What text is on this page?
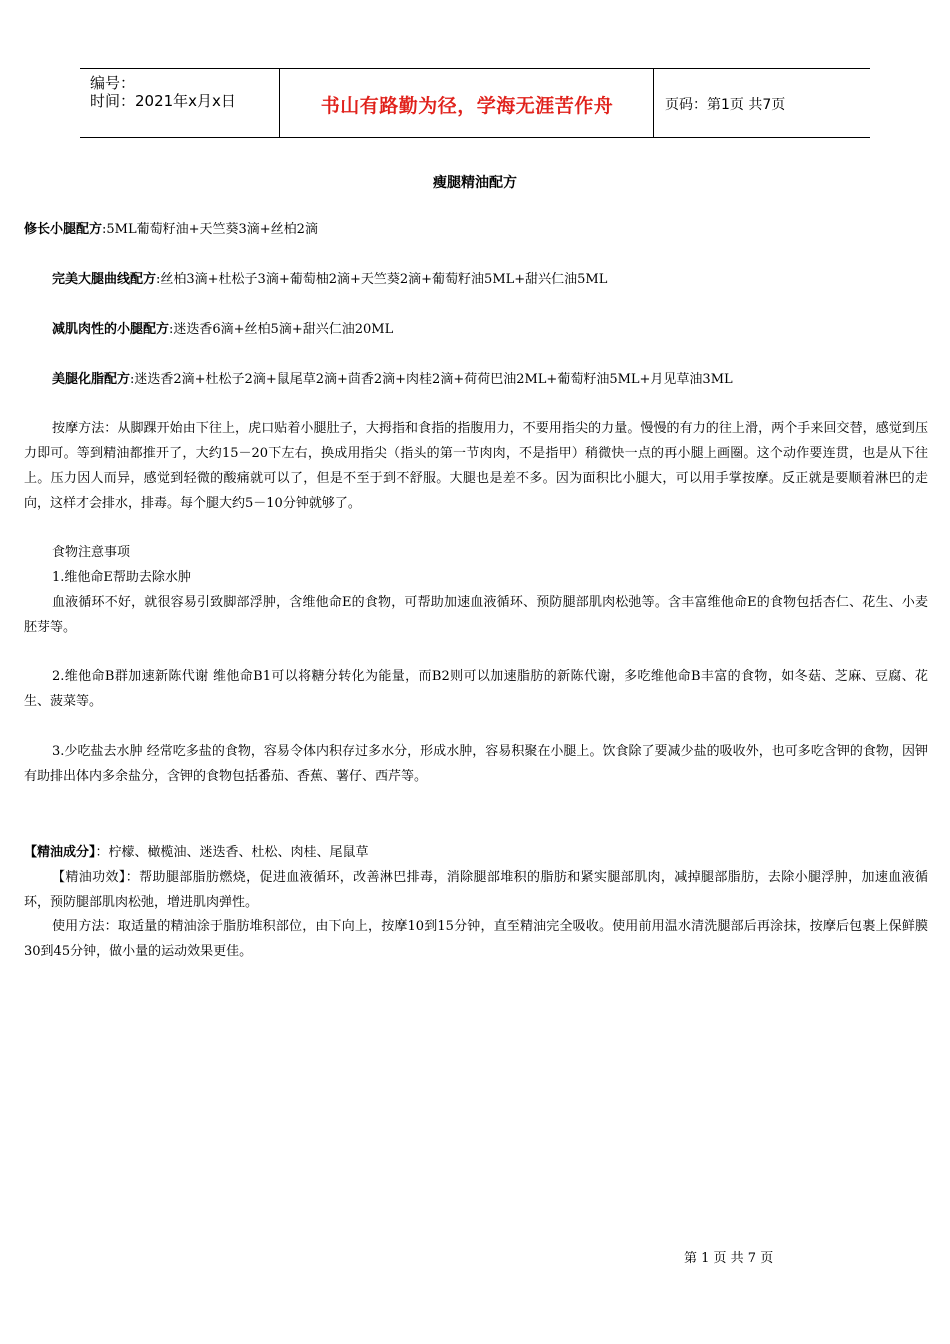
编号：
时间：2021年x月x日	书山有路勤为径，学海无涯苦作舟	页码：第1页 共7页
瘦腿精油配方
修长小腿配方:5ML葡萄籽油+天竺葵3滴+丝柏2滴
完美大腿曲线配方:丝柏3滴+杜松子3滴+葡萄柚2滴+天竺葵2滴+葡萄籽油5ML+甜兴仁油5ML
减肌肉性的小腿配方:迷迭香6滴+丝柏5滴+甜兴仁油20ML
美腿化脂配方:迷迭香2滴+杜松子2滴+鼠尾草2滴+茴香2滴+肉桂2滴+荷荷巴油2ML+葡萄籽油5ML+月见草油3ML
按摩方法：从脚踝开始由下往上，虎口贴着小腿肚子，大拇指和食指的指腹用力，不要用指尖的力量。慢慢的有力的往上滑，两个手来回交替，感觉到压力即可。等到精油都推开了，大约15－20下左右，换成用指尖（指头的第一节肉肉，不是指甲）稍微快一点的再小腿上画圈。这个动作要连贯，也是从下往上。压力因人而异，感觉到轻微的酸痛就可以了，但是不至于到不舒服。大腿也是差不多。因为面积比小腿大，可以用手掌按摩。反正就是要顺着淋巴的走向，这样才会排水，排毒。每个腿大约5－10分钟就够了。
食物注意事项
1.维他命E帮助去除水肿
血液循环不好，就很容易引致脚部浮肿，含维他命E的食物，可帮助加速血液循环、预防腿部肌肉松弛等。含丰富维他命E的食物包括杏仁、花生、小麦胚芽等。
2.维他命B群加速新陈代谢 维他命B1可以将糖分转化为能量，而B2则可以加速脂肪的新陈代谢，多吃维他命B丰富的食物，如冬菇、芝麻、豆腐、花生、菠菜等。
3.少吃盐去水肿 经常吃多盐的食物，容易令体内积存过多水分，形成水肿，容易积聚在小腿上。饮食除了要减少盐的吸收外，也可多吃含钾的食物，因钾有助排出体内多余盐分，含钾的食物包括番茄、香蕉、薯仔、西芹等。
【精油成分】：柠檬、橄榄油、迷迭香、杜松、肉桂、尾鼠草
【精油功效】：帮助腿部脂肪燃烧，促进血液循环，改善淋巴排毒，消除腿部堆积的脂肪和紧实腿部肌肉，减掉腿部脂肪，去除小腿浮肿，加速血液循环，预防腿部肌肉松弛，增进肌肉弹性。
使用方法：取适量的精油涂于脂肪堆积部位，由下向上，按摩10到15分钟，直至精油完全吸收。使用前用温水清洗腿部后再涂抹，按摩后包裹上保鲜膜30到45分钟，做小量的运动效果更佳。
第 1 页 共 7 页
